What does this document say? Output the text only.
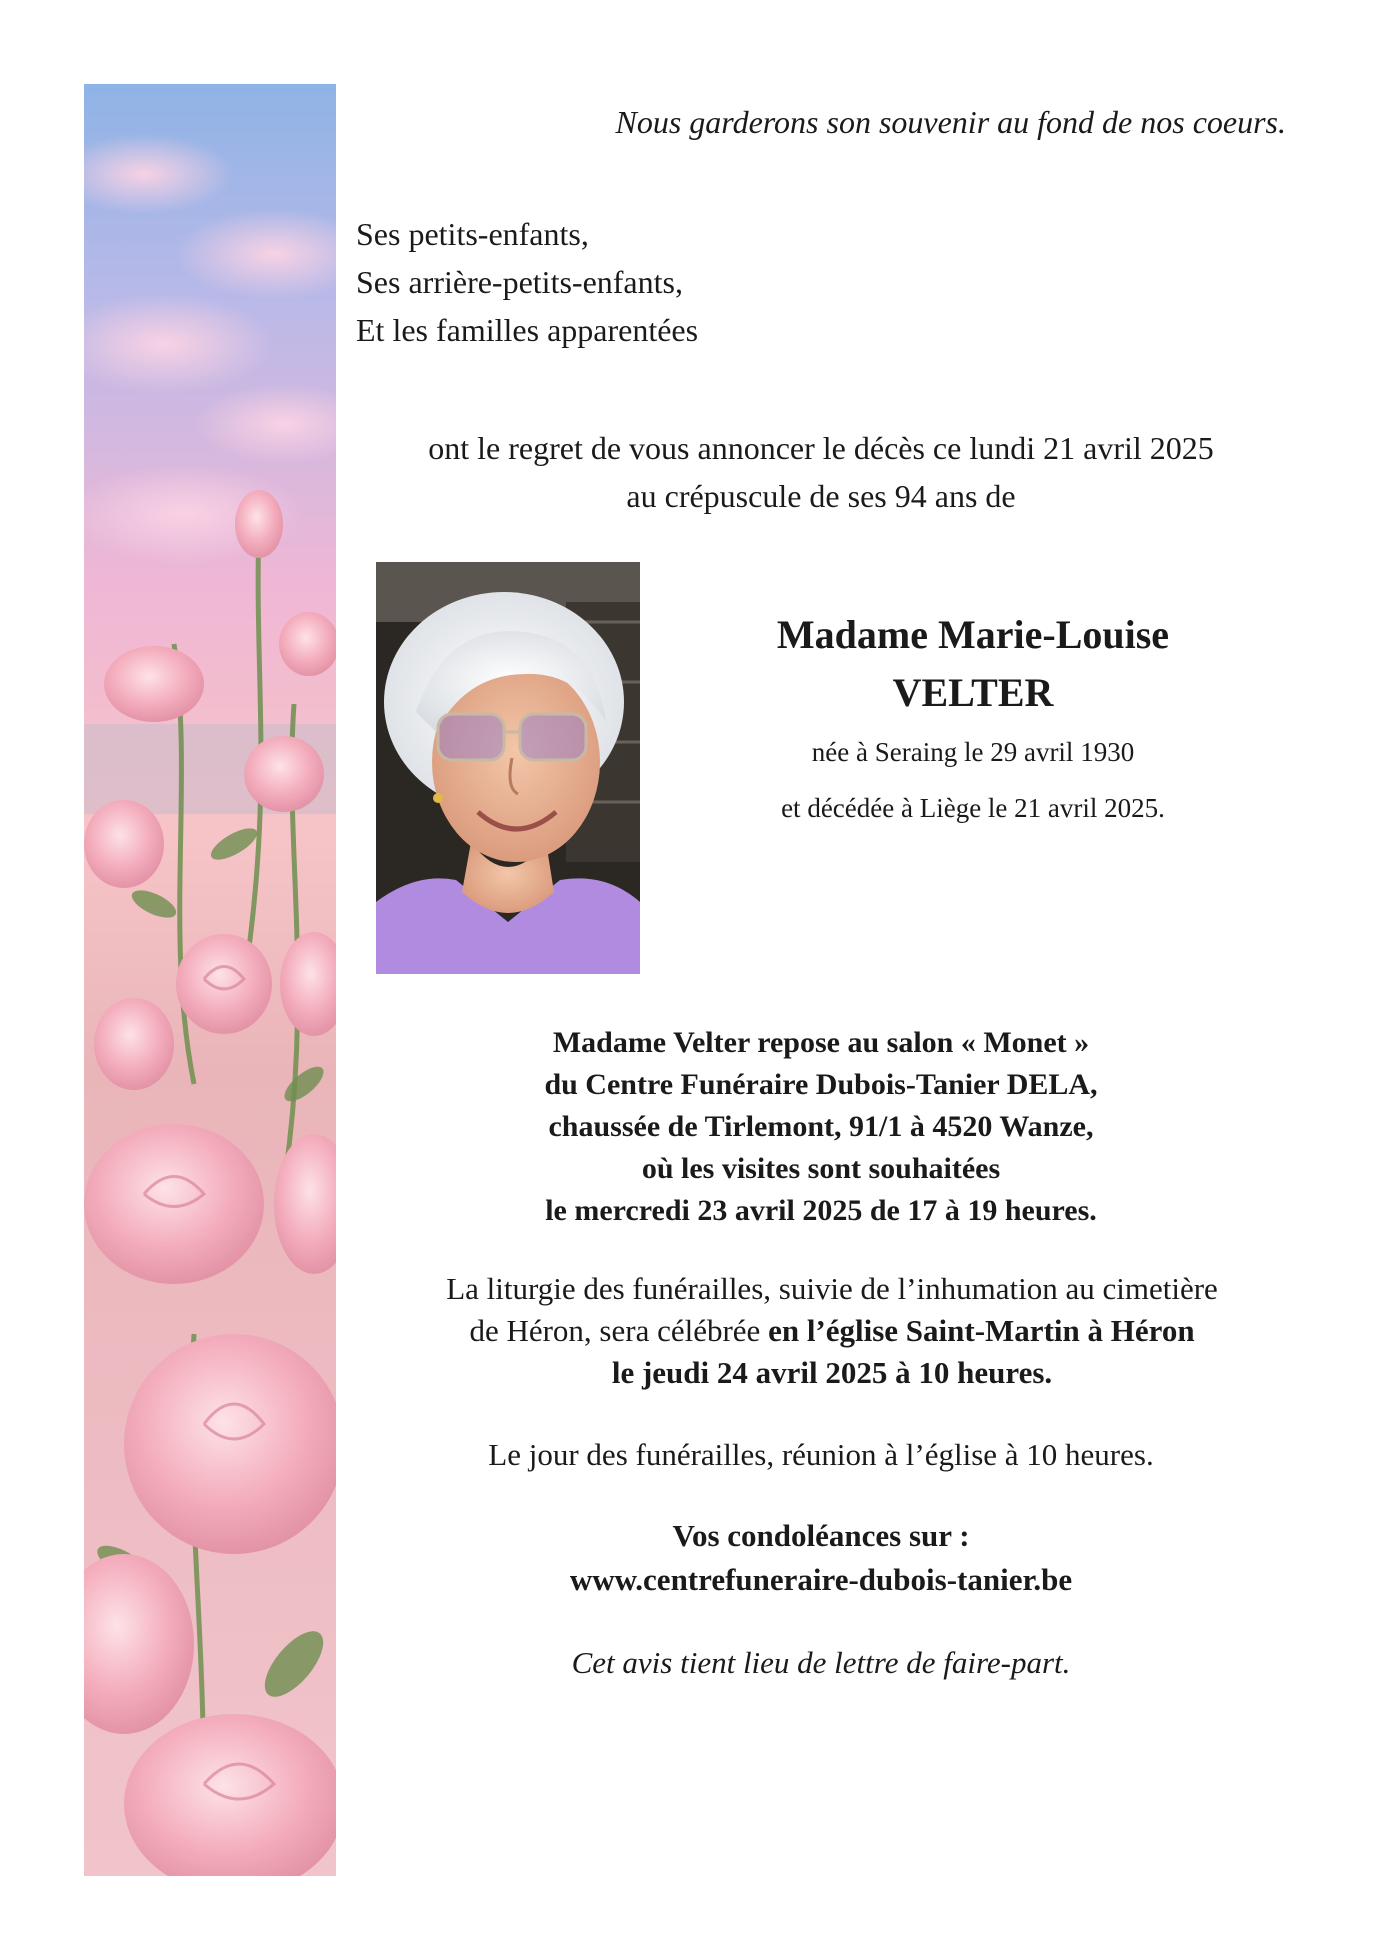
Nous garderons son souvenir au fond de nos coeurs.

Ses petits-enfants,
Ses arrière-petits-enfants,
Et les familles apparentées
ont le regret de vous annoncer le décès ce lundi 21 avril 2025
au crépuscule de ses 94 ans de
Madame Marie-Louise
VELTER
née à Seraing le 29 avril 1930
et décédée à Liège le 21 avril 2025.
Madame Velter repose au salon « Monet »
du Centre Funéraire Dubois-Tanier DELA,
chaussée de Tirlemont, 91/1 à 4520 Wanze,
où les visites sont souhaitées
le mercredi 23 avril 2025 de 17 à 19 heures.
La liturgie des funérailles, suivie de l’inhumation au cimetière
de Héron, sera célébrée en l’église Saint-Martin à Héron
le jeudi 24 avril 2025 à 10 heures.
Le jour des funérailles, réunion à l’église à 10 heures.
Vos condoléances sur :
www.centrefuneraire-dubois-tanier.be
Cet avis tient lieu de lettre de faire-part.
